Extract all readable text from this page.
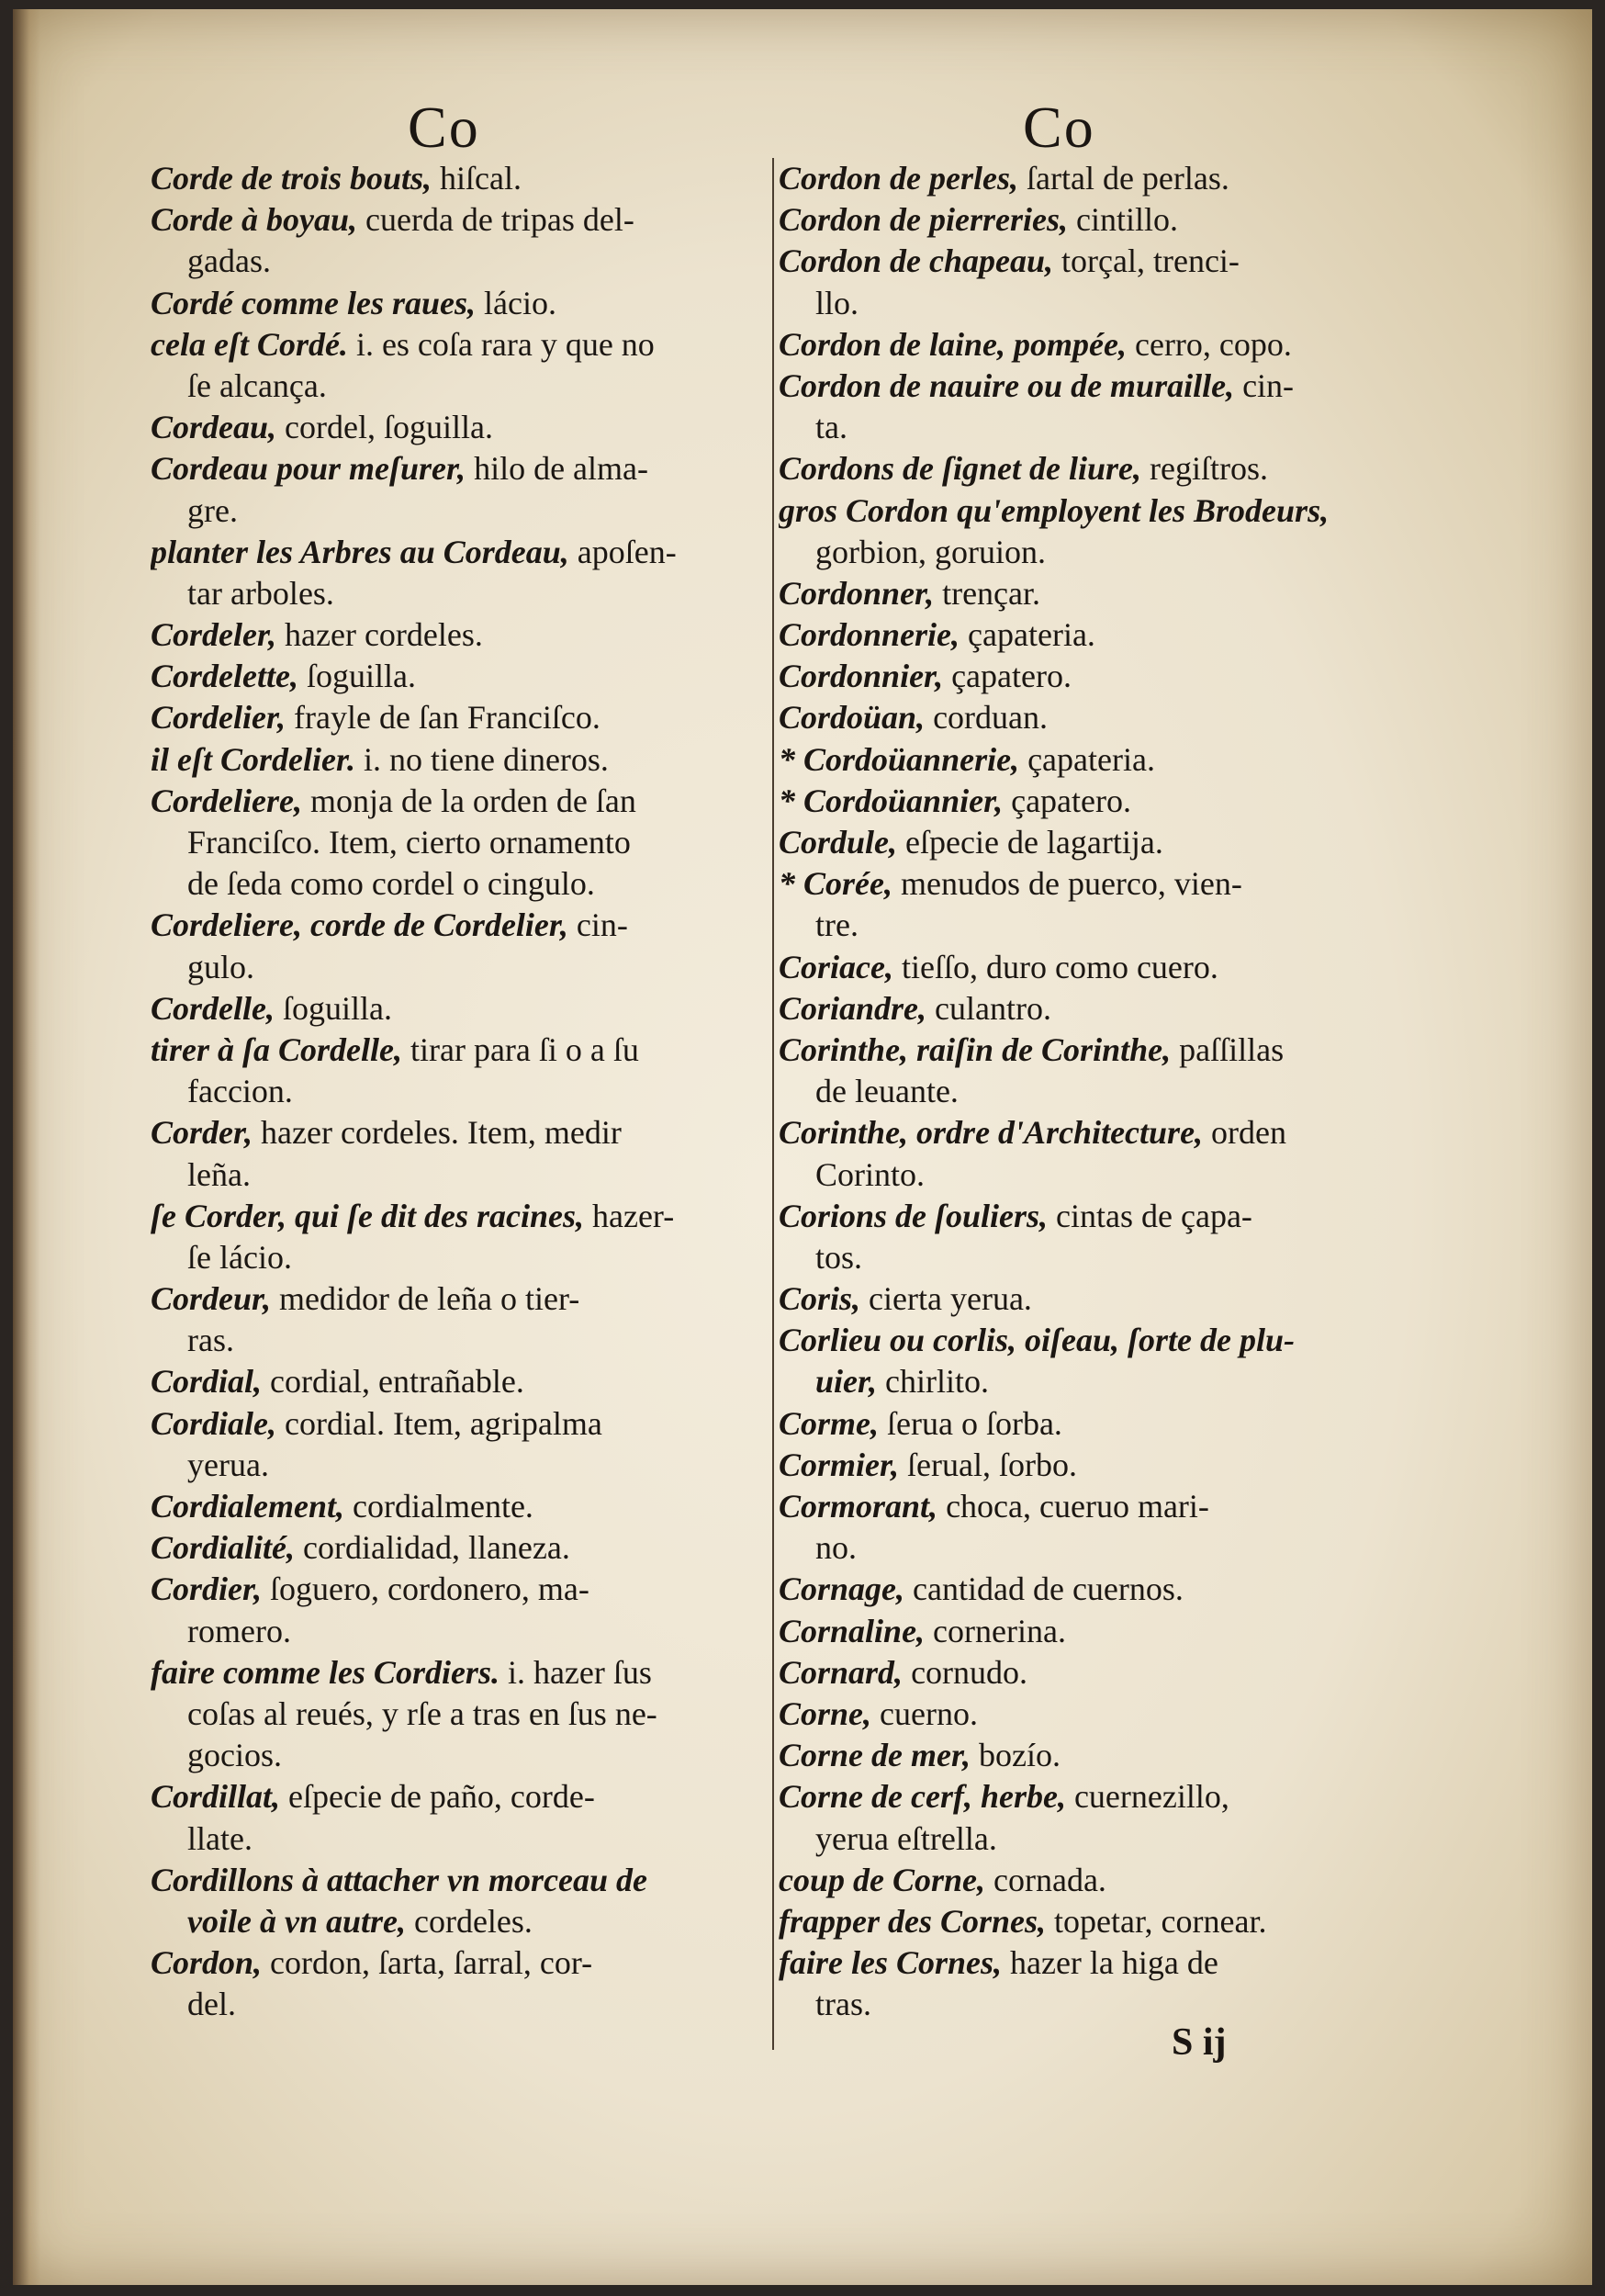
Co	Co
Corde de trois bouts, hiſcal.
Corde à boyau, cuerda de tripas del-
gadas.
Cordé comme les raues, lácio.
cela eſt Cordé. i. es coſa rara y que no
ſe alcança.
Cordeau, cordel, ſoguilla.
Cordeau pour meſurer, hilo de alma-
gre.
planter les Arbres au Cordeau, apoſen-
tar arboles.
Cordeler, hazer cordeles.
Cordelette, ſoguilla.
Cordelier, frayle de ſan Franciſco.
il eſt Cordelier. i. no tiene dineros.
Cordeliere, monja de la orden de ſan
Franciſco. Item, cierto ornamento
de ſeda como cordel o cingulo.
Cordeliere, corde de Cordelier, cin-
gulo.
Cordelle, ſoguilla.
tirer à ſa Cordelle, tirar para ſi o a ſu
faccion.
Corder, hazer cordeles. Item, medir
leña.
ſe Corder, qui ſe dit des racines, hazer-
ſe lácio.
Cordeur, medidor de leña o tier-
ras.
Cordial, cordial, entrañable.
Cordiale, cordial. Item, agripalma
yerua.
Cordialement, cordialmente.
Cordialité, cordialidad, llaneza.
Cordier, ſoguero, cordonero, ma-
romero.
faire comme les Cordiers. i. hazer ſus
coſas al reués, y rſe a tras en ſus ne-
gocios.
Cordillat, eſpecie de paño, corde-
llate.
Cordillons à attacher vn morceau de
voile à vn autre, cordeles.
Cordon, cordon, ſarta, ſarral, cor-
del.
Cordon de perles, ſartal de perlas.
Cordon de pierreries, cintillo.
Cordon de chapeau, torçal, trenci-
llo.
Cordon de laine, pompée, cerro, copo.
Cordon de nauire ou de muraille, cin-
ta.
Cordons de ſignet de liure, regiſtros.
gros Cordon qu'employent les Brodeurs,
gorbion, goruion.
Cordonner, trençar.
Cordonnerie, çapateria.
Cordonnier, çapatero.
Cordoüan, corduan.
* Cordoüannerie, çapateria.
* Cordoüannier, çapatero.
Cordule, eſpecie de lagartija.
* Corée, menudos de puerco, vien-
tre.
Coriace, tieſſo, duro como cuero.
Coriandre, culantro.
Corinthe, raiſin de Corinthe, paſſillas
de leuante.
Corinthe, ordre d'Architecture, orden
Corinto.
Corions de ſouliers, cintas de çapa-
tos.
Coris, cierta yerua.
Corlieu ou corlis, oiſeau, ſorte de plu-
uier, chirlito.
Corme, ſerua o ſorba.
Cormier, ſerual, ſorbo.
Cormorant, choca, cueruo mari-
no.
Cornage, cantidad de cuernos.
Cornaline, cornerina.
Cornard, cornudo.
Corne, cuerno.
Corne de mer, bozío.
Corne de cerf, herbe, cuernezillo,
yerua eſtrella.
coup de Corne, cornada.
frapper des Cornes, topetar, cornear.
faire les Cornes, hazer la higa de
tras.
S ij
